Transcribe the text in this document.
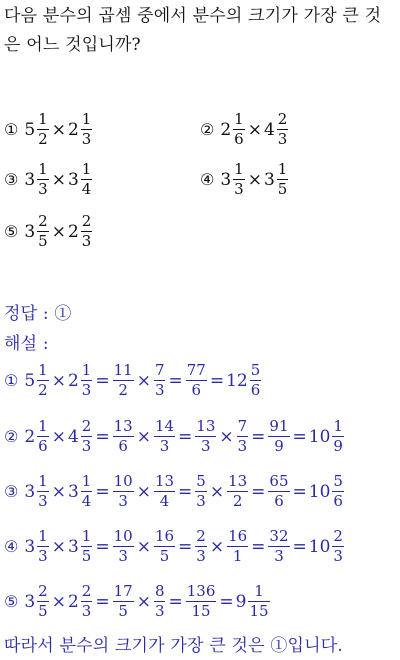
다음 분수의 곱셈 중에서 분수의 크기가 가장 큰 것
은 어느 것입니까?
① $5 \frac{1}{2} \times 2 \frac{1}{3}$	② $2 \frac{1}{6} \times 4 \frac{2}{3}$
③ $3 \frac{1}{3} \times 3 \frac{1}{4}$	④ $3 \frac{1}{3} \times 3 \frac{1}{5}$
⑤ $3 \frac{2}{5} \times 2 \frac{2}{3}$
정답 : ①
해설 :
① $5 \frac{1}{2} \times 2 \frac{1}{3} = \frac{11}{2} \times \frac{7}{3} = \frac{77}{6} = 12 \frac{5}{6}$
② $2 \frac{1}{6} \times 4 \frac{2}{3} = \frac{13}{6} \times \frac{14}{3} = \frac{13}{3} \times \frac{7}{3} = \frac{91}{9} = 10 \frac{1}{9}$
③ $3 \frac{1}{3} \times 3 \frac{1}{4} = \frac{10}{3} \times \frac{13}{4} = \frac{5}{3} \times \frac{13}{2} = \frac{65}{6} = 10 \frac{5}{6}$
④ $3 \frac{1}{3} \times 3 \frac{1}{5} = \frac{10}{3} \times \frac{16}{5} = \frac{2}{3} \times \frac{16}{1} = \frac{32}{3} = 10 \frac{2}{3}$
⑤ $3 \frac{2}{5} \times 2 \frac{2}{3} = \frac{17}{5} \times \frac{8}{3} = \frac{136}{15} = 9 \frac{1}{15}$
따라서 분수의 크기가 가장 큰 것은 ①입니다.
